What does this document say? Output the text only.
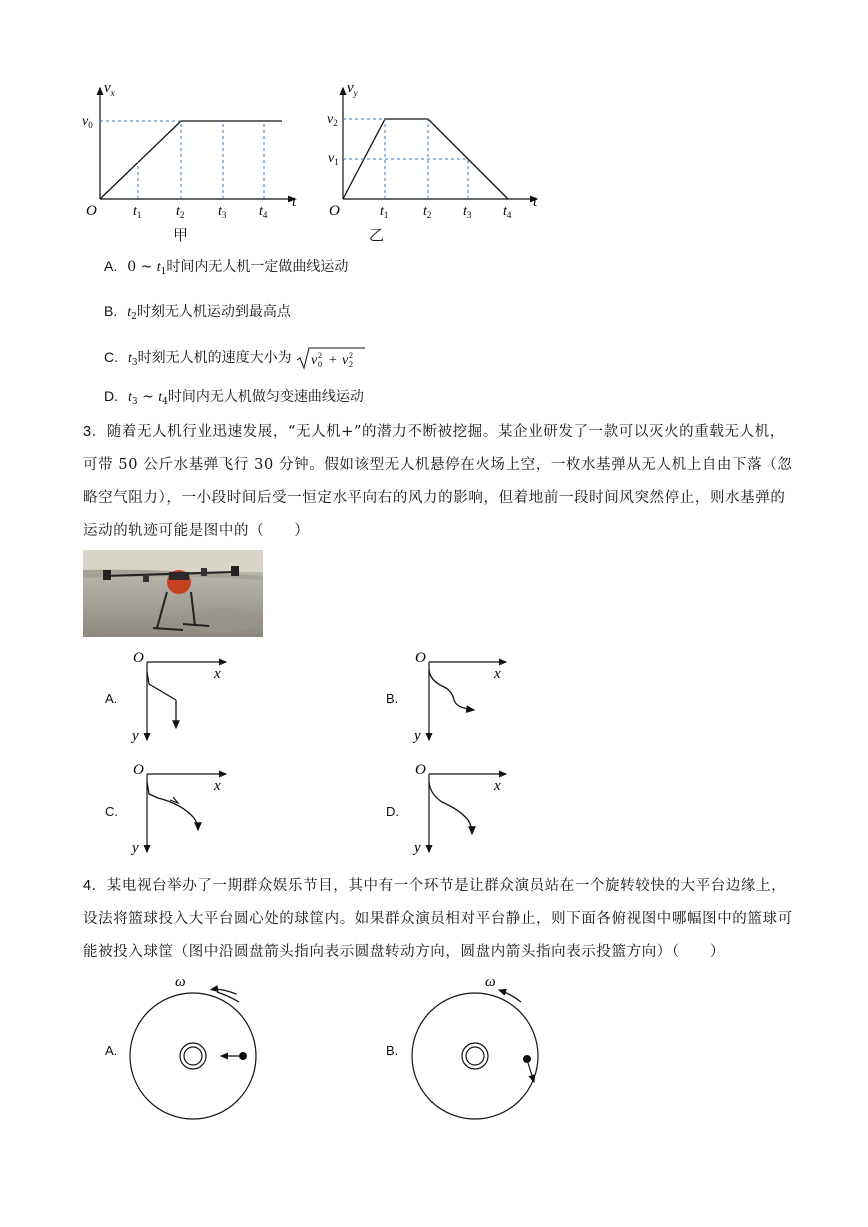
$v_x$
t
O
$v_0$
$t_1$ $t_2$ $t_3$ $t_4$
甲
$v_y$
t
O
$v_2$
$v_1$
$t_1$ $t_2$ $t_3$ $t_4$
乙
A. 0 ~ $t_1$时间内无人机一定做曲线运动
B. $t_2$时刻无人机运动到最高点
C. $t_3$时刻无人机的速度大小为 v 2
0 + v 2
2
D. $t_3$ ~ $t_4$时间内无人机做匀变速曲线运动
3．随着无人机行业迅速发展，“无人机+”的潜力不断被挖掘。某企业研发了一款可以灭火的重载无人机，可带 50 公斤水基弹飞行 30 分钟。假如该型无人机悬停在火场上空，一枚水基弹从无人机上自由下落（忽略空气阻力），一小段时间后受一恒定水平向右的风力的影响，但着地前一段时间风突然停止，则水基弹的运动的轨迹可能是图中的（　　）
A.
O
x
y
B.
O
x
y
C.
O
x
y
D.
O
x
y
4．某电视台举办了一期群众娱乐节目，其中有一个环节是让群众演员站在一个旋转较快的大平台边缘上，设法将篮球投入大平台圆心处的球筐内。如果群众演员相对平台静止，则下面各俯视图中哪幅图中的篮球可能被投入球筐（图中沿圆盘箭头指向表示圆盘转动方向，圆盘内箭头指向表示投篮方向）（　　）
A.
ω
B.
ω
